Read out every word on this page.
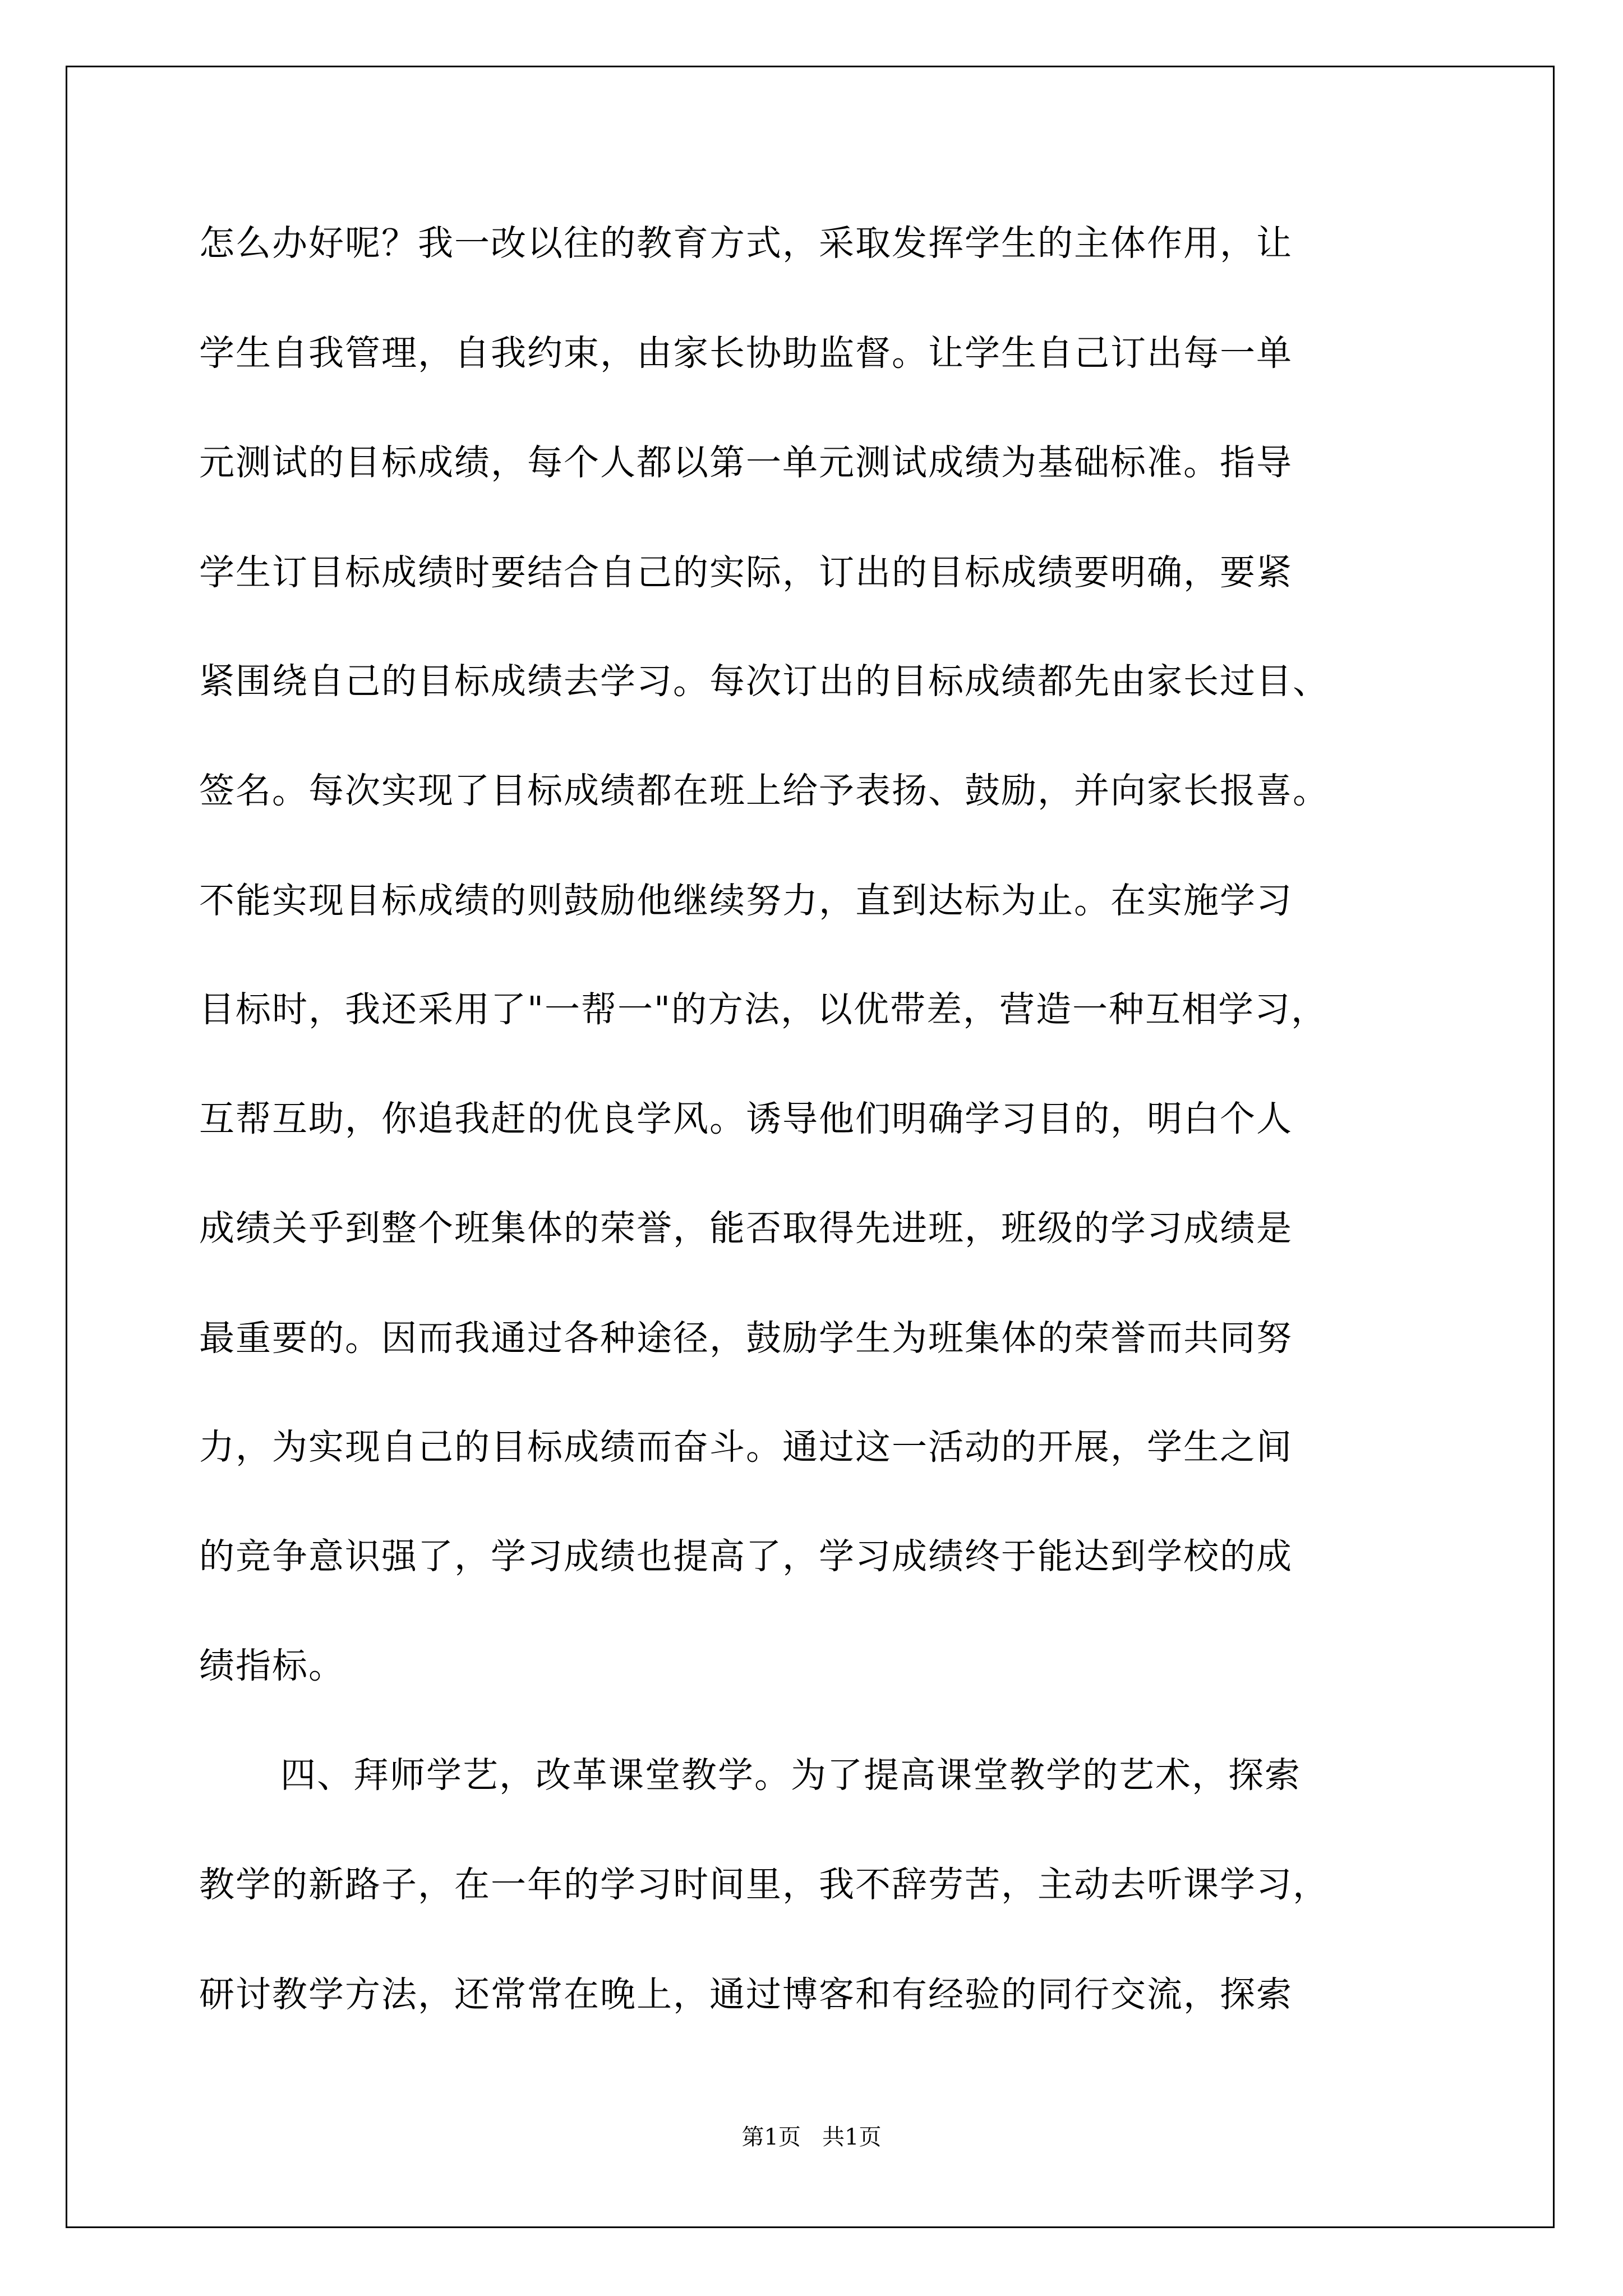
怎么办好呢？我一改以往的教育方式，采取发挥学生的主体作用，让

学生自我管理，自我约束，由家长协助监督。让学生自己订出每一单

元测试的目标成绩，每个人都以第一单元测试成绩为基础标准。指导

学生订目标成绩时要结合自己的实际，订出的目标成绩要明确，要紧

紧围绕自己的目标成绩去学习。每次订出的目标成绩都先由家长过目、

签名。每次实现了目标成绩都在班上给予表扬、鼓励，并向家长报喜。

不能实现目标成绩的则鼓励他继续努力，直到达标为止。在实施学习

目标时，我还采用了"一帮一"的方法，以优带差，营造一种互相学习，

互帮互助，你追我赶的优良学风。诱导他们明确学习目的，明白个人

成绩关乎到整个班集体的荣誉，能否取得先进班，班级的学习成绩是

最重要的。因而我通过各种途径，鼓励学生为班集体的荣誉而共同努

力，为实现自己的目标成绩而奋斗。通过这一活动的开展，学生之间

的竞争意识强了，学习成绩也提高了，学习成绩终于能达到学校的成

绩指标。

四、拜师学艺，改革课堂教学。为了提高课堂教学的艺术，探索

教学的新路子，在一年的学习时间里，我不辞劳苦，主动去听课学习，

研讨教学方法，还常常在晚上，通过博客和有经验的同行交流，探索

第1页   共1页
